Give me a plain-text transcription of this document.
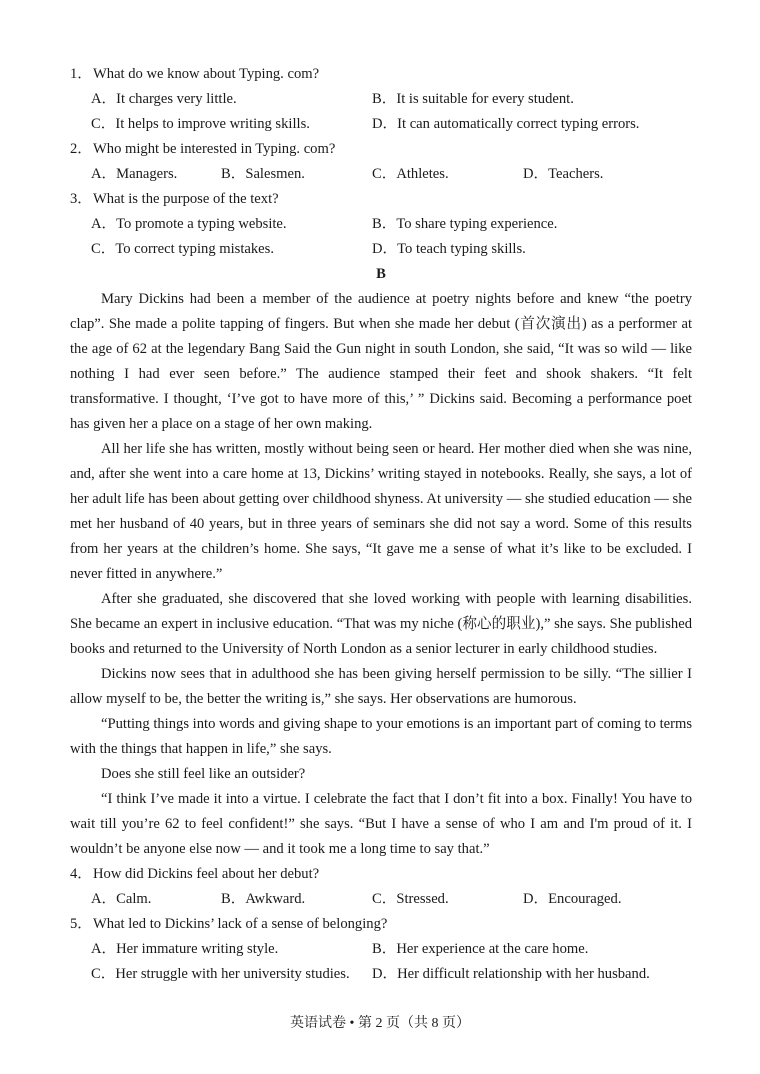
1．What do we know about Typing. com?
A．It charges very little.	B．It is suitable for every student.
C．It helps to improve writing skills.	D．It can automatically correct typing errors.
2．Who might be interested in Typing. com?
A．Managers.	B．Salesmen.	C．Athletes.	D．Teachers.
3．What is the purpose of the text?
A．To promote a typing website.	B．To share typing experience.
C．To correct typing mistakes.	D．To teach typing skills.
B

Mary Dickins had been a member of the audience at poetry nights before and knew “the poetry clap”. She made a polite tapping of fingers. But when she made her debut (首次演出) as a performer at the age of 62 at the legendary Bang Said the Gun night in south London, she said, “It was so wild — like nothing I had ever seen before.” The audience stamped their feet and shook shakers. “It felt transformative. I thought, ‘I’ve got to have more of this,’ ” Dickins said. Becoming a performance poet has given her a place on a stage of her own making.

All her life she has written, mostly without being seen or heard. Her mother died when she was nine, and, after she went into a care home at 13, Dickins’ writing stayed in notebooks. Really, she says, a lot of her adult life has been about getting over childhood shyness. At university — she studied education — she met her husband of 40 years, but in three years of seminars she did not say a word. Some of this results from her years at the children’s home. She says, “It gave me a sense of what it’s like to be excluded. I never fitted in anywhere.”

After she graduated, she discovered that she loved working with people with learning disabilities. She became an expert in inclusive education. “That was my niche (称心的职业),” she says. She published books and returned to the University of North London as a senior lecturer in early childhood studies.

Dickins now sees that in adulthood she has been giving herself permission to be silly. “The sillier I allow myself to be, the better the writing is,” she says. Her observations are humorous.

“Putting things into words and giving shape to your emotions is an important part of coming to terms with the things that happen in life,” she says.

Does she still feel like an outsider?

“I think I’ve made it into a virtue. I celebrate the fact that I don’t fit into a box. Finally! You have to wait till you’re 62 to feel confident!” she says. “But I have a sense of who I am and I'm proud of it. I wouldn’t be anyone else now — and it took me a long time to say that.”

4．How did Dickins feel about her debut?
A．Calm.	B．Awkward.	C．Stressed.	D．Encouraged.
5．What led to Dickins’ lack of a sense of belonging?
A．Her immature writing style.	B．Her experience at the care home.
C．Her struggle with her university studies. D．Her difficult relationship with her husband.
英语试卷 • 第 2 页（共 8 页）
